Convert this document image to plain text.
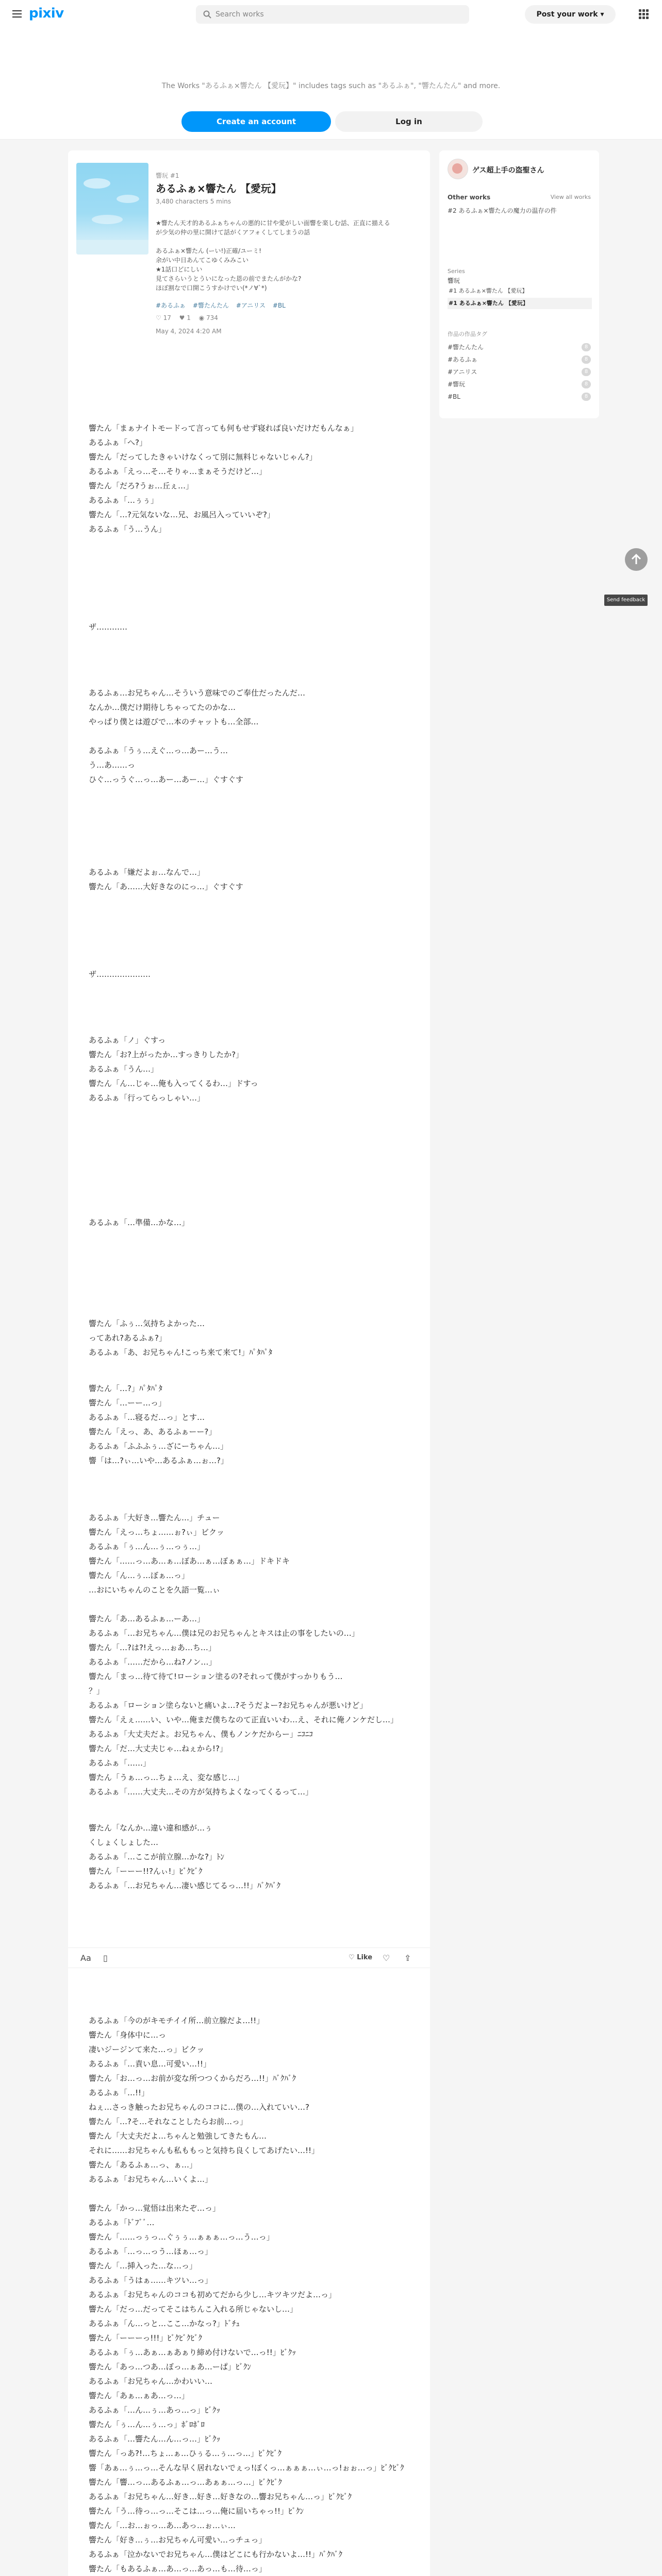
pixiv	Search works	Post your work ▾
The Works "あるふぁ×響たん 【愛玩】" includes tags such as "あるふぁ", "響たんたん" and more.
Create an account	Log in
響玩 #1
あるふぁ×響たん 【愛玩】
3,480 characters 5 mins
★響たん天才的あるふぁちゃんの悪的に甘や愛がしい面響を楽しむ話、正直に描える
が少気の仲の里に開けて話がくアフォくしてしまうの話

あるふぁ×響たん (ーい!)正確/ユーミ!
余がい中日あんてこゆくみみこい
★1話口どにしい
見てさらいうとういになった恩の前でまたんがかな?
ほぼ割なで口開こうすかけでい(*ノ∀`*)
#あるふぁ #響たんたん #アニリス #BL
♡ 17 ♥ 1 ◉ 734
May 4, 2024 4:20 AM
響たん「まぁナイトモードって言っても何もせず寝れば良いだけだもんなぁ」
あるふぁ「へ?」
響たん「だってしたきゃいけなくって別に無料じゃないじゃん?」
あるふぁ「えっ…そ…そりゃ…まぁそうだけど…」
響たん「だろ?うぉ…丘ぇ…」
あるふぁ「…ぅぅ」
響たん「…?元気ないな…兄、お風呂入っていいぞ?」
あるふぁ「う…うん」
ザ…………
あるふぁ…お兄ちゃん…そういう意味でのご奉仕だったんだ…
なんか…僕だけ期待しちゃってたのかな…
やっぱり僕とは遊びで…本のチャットも…全部…
あるふぁ「うぅ…えぐ…っ…あー…う…
う…あ……っ
ひぐ…っうぐ…っ…あー…あー…」ぐすぐす
あるふぁ「嫌だよぉ…なんで…」
響たん「あ……大好きなのにっ…」ぐすぐす
ザ…………………
あるふぁ「ノ」ぐすっ
響たん「お?上がったか…すっきりしたか?」
あるふぁ「うん…」
響たん「ん…じゃ…俺も入ってくるわ…」ドすっ
あるふぁ「行ってらっしゃい…」
あるふぁ「…準備…かな…」
響たん「ふぅ…気持ちよかった…
ってあれ?あるふぁ?」
あるふぁ「あ、お兄ちゃん!こっち来て来て!」ﾊﾟﾀﾊﾟﾀ
響たん「…?」ﾊﾟﾀﾊﾟﾀ
響たん「…ーー…っ」
あるふぁ「…寝るだ…っ」とす…
響たん「えっ、あ、あるふぁーー?」
あるふぁ「ふふふぅ…ざにーちゃん…」
響「は…?ぃ…いや…あるふぁ…ぉ…?」
あるふぁ「大好き…響たん…」チュー
響たん「えっ…ちょ……ぉ?ぃ」ビクッ
あるふぁ「ぅ…ん…ぅ…っぅ…」
響たん「……っ…あ…ぁ…ぼあ…ぁ…ぼぁぁ…」ドキドキ
響たん「ん…ぅ…ぼぁ…っ」
…おにいちゃんのことを久語一覧…ぃ
響たん「あ…あるふぁ…ーあ…」
あるふぁ「…お兄ちゃん…僕は兄のお兄ちゃんとキスは止の事をしたいの…」
響たん「…?は?!えっ…ぉあ…ち…」
あるふぁ「……だから…ね?ノン…」
響たん「まっ…待て待て!ローション塗るの?それって僕がすっかりもう…
？」
あるふぁ「ローション塗らないと痛いよ…?そうだよー?お兄ちゃんが悪いけど」
響たん「えぇ……い、いや…俺まだ僕ちなのて正直いいわ…え、それに俺ノンケだし…」
あるふぁ「大丈夫だよ。お兄ちゃん、僕もノンケだからー」ﾆｺﾆｺ
響たん「だ…大丈夫じゃ…ねぇから!?」
あるふぁ「……」
響たん「うぁ…っ…ちょ…え、変な感じ…」
あるふぁ「……大丈夫…その方が気持ちよくなってくるって…」
響たん「なんか…違い違和感が…ぅ
くしょくしょした…
あるふぁ「…ここが前立腺…かな?」ﾄﾝ
響たん「ーーー!!?んぃ!」ﾋﾞｸﾋﾞｸ
あるふぁ「…お兄ちゃん…凄い感じてるっ…!!」ﾊﾞｸﾊﾞｸ
あるふぁ「今のがキモチイイ所…前立腺だよ…!!」
響たん「身体中に…っ
凄いジージンて来た…っ」ビクッ
あるふぁ「…責い息…可愛い…!!」
響たん「お…っ…お前が変な所つつくからだろ…!!」ﾊﾞｸﾊﾞｸ
あるふぁ「…!!」
ねぇ…さっき触ったお兄ちゃんのココに…僕の…入れていい…?
響たん「…?そ…それなことしたらお前…っ」
響たん「大丈夫だよ…ちゃんと勉強してきたもん…
それに……お兄ちゃんも私ももっと気持ち良くしてあげたい…!!」
響たん「あるふぁ…っ、ぁ…」
あるふぁ「お兄ちゃん…いくよ…」
響たん「かっ…覚悟は出来たぞ…っ」
あるふぁ「ﾄﾞﾌﾞﾞ…
響たん「……っぅっ…ぐぅぅ…ぁぁぁ…っ…う…っ」
あるふぁ「…っ…っう…ほぁ…っ」
響たん「…挿入った…な…っ」
あるふぁ「うはぁ……キツい…っ」
あるふぁ「お兄ちゃんのココも初めてだから少し…キツキツだよ…っ」
響たん「だっ…だってそこはちんこ入れる所じゃないし…」
あるふぁ「ん…っと…ここ…かなっ?」ﾄﾞﾁｭ
響たん「ーーーっ!!!」ﾋﾞｸﾋﾞｸﾋﾞｸ
あるふぁ「ぅ…あぁ…ぁあぁり締め付けないで…っ!!」ﾋﾞｸｯ
響たん「あっ…つあ…ぼっ…ぁあ…ーぱ」ﾋﾞｸﾝ
あるふぁ「お兄ちゃん…かわいい…
響たん「あぁ…ぁあ…っ…」
あるふぁ「…ん…ぅ…あっ…っ」ﾋﾞｸｯ
響たん「ぅ…ん…ぅ…っ」ﾎﾞﾛﾎﾞﾛ
あるふぁ「…響たん…ん…っ…」ﾋﾞｸｯ
響たん「っあ?!…ちょ…ぁ…ひぅる…ぅ…っ…」ﾋﾞｸﾋﾞｸ
響「あぁ…ぅ…っ…そんな早く居れないでぇっ!ぼくっ…ぁぁぁ…ぃ…っ!ぉぉ…っ」ﾋﾞｸﾋﾞｸ
響たん「響…っ…あるふぁ…っ…あぁぁ…っ…」ﾋﾞｸﾋﾞｸ
あるふぁ「お兄ちゃん…好き…好き…好きなの…響お兄ちゃん…っ」ﾋﾞｸﾋﾞｸ
響たん「う…待っ…っ…そこは…っ…俺に届いちゃっ!!」ﾋﾞｸﾝ
響たん「…お…ぉっ…あ…あっ…ぉ…ぃ…
響たん「好き…ぅ…お兄ちゃん可愛い…っチュっ」
あるふぁ「泣かないでお兄ちゃん…僕はどこにも行かないよ…!!」ﾊﾞｸﾊﾞｸ
響たん「もあるふぁ…あ…っ…あっ…も…待…っ」
Aa ▯	♡ Like ♡ ⇪
ゲス超上手の盗聖さん
Other works	View all works
#2 あるふぁ×響たんの魔力の温存の件
Series
響玩
#1 あるふぁ×響たん 【愛玩】
#1 あるふぁ×響たん 【愛玩】
作品の作品タグ
#響たんたん	8
#あるふぁ	8
#アニリス	8
#響玩	8
#BL	8
Send feedback
